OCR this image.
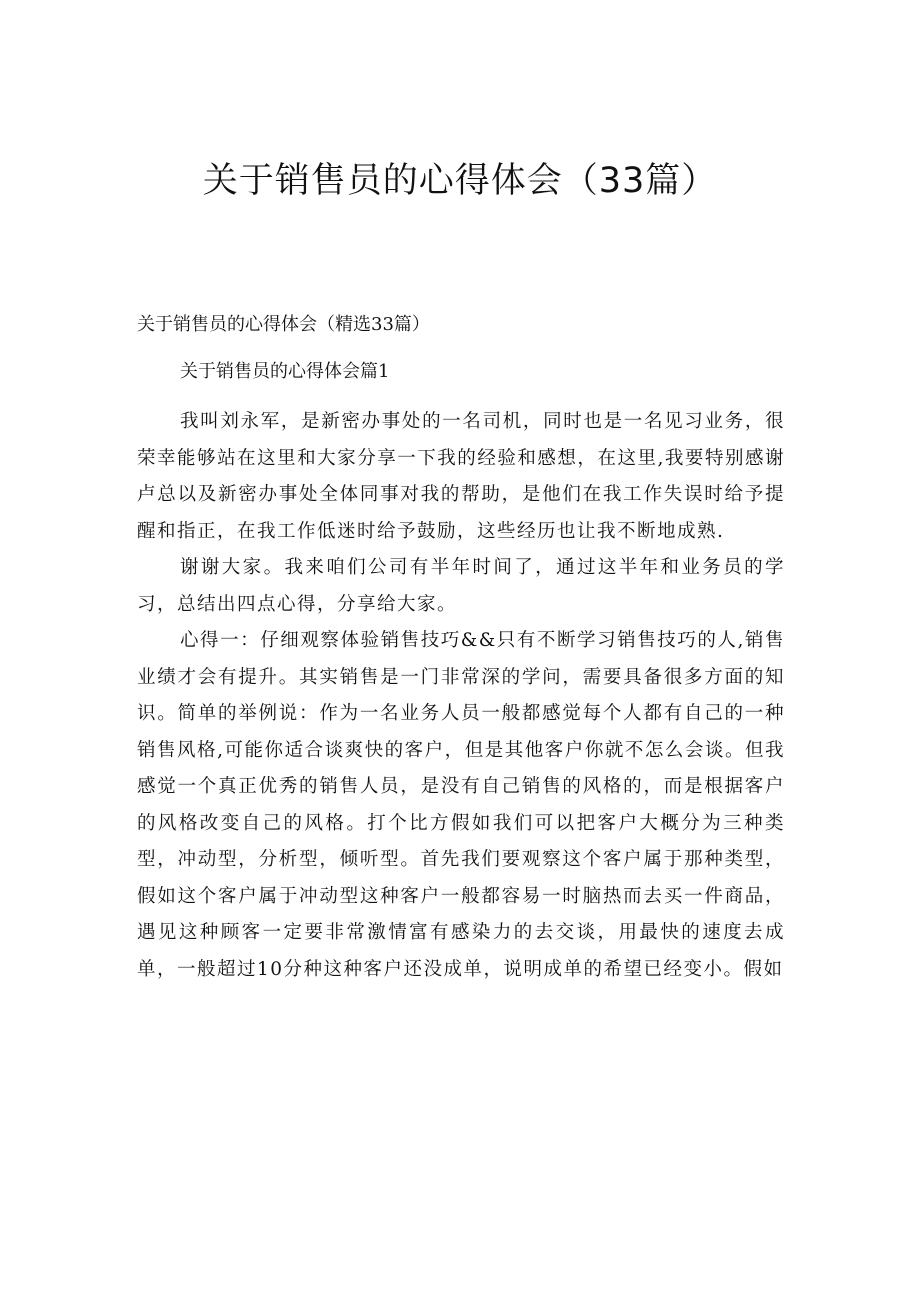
关于销售员的心得体会（33篇）

关于销售员的心得体会（精选33篇）

关于销售员的心得体会篇1

我叫刘永军，是新密办事处的一名司机，同时也是一名见习业务，很荣幸能够站在这里和大家分享一下我的经验和感想，在这里,我要特别感谢卢总以及新密办事处全体同事对我的帮助，是他们在我工作失误时给予提醒和指正，在我工作低迷时给予鼓励，这些经历也让我不断地成熟.

谢谢大家。我来咱们公司有半年时间了，通过这半年和业务员的学习，总结出四点心得，分享给大家。

心得一：仔细观察体验销售技巧&&只有不断学习销售技巧的人,销售业绩才会有提升。其实销售是一门非常深的学问，需要具备很多方面的知识。简单的举例说：作为一名业务人员一般都感觉每个人都有自己的一种销售风格,可能你适合谈爽快的客户，但是其他客户你就不怎么会谈。但我感觉一个真正优秀的销售人员，是没有自己销售的风格的，而是根据客户的风格改变自己的风格。打个比方假如我们可以把客户大概分为三种类型，冲动型，分析型，倾听型。首先我们要观察这个客户属于那种类型，假如这个客户属于冲动型这种客户一般都容易一时脑热而去买一件商品，遇见这种顾客一定要非常激情富有感染力的去交谈，用最快的速度去成单，一般超过10分种这种客户还没成单，说明成单的希望已经变小。假如
